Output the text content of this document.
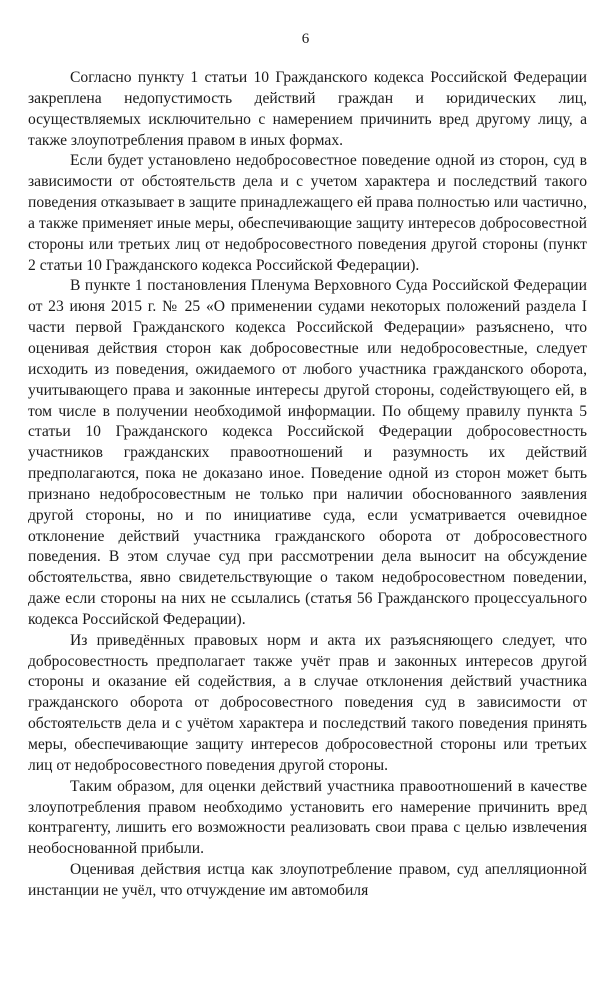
6

Согласно пункту 1 статьи 10 Гражданского кодекса Российской Федерации закреплена недопустимость действий граждан и юридических лиц, осуществляемых исключительно с намерением причинить вред другому лицу, а также злоупотребления правом в иных формах.

Если будет установлено недобросовестное поведение одной из сторон, суд в зависимости от обстоятельств дела и с учетом характера и последствий такого поведения отказывает в защите принадлежащего ей права полностью или частично, а также применяет иные меры, обеспечивающие защиту интересов добросовестной стороны или третьих лиц от недобросовестного поведения другой стороны (пункт 2 статьи 10 Гражданского кодекса Российской Федерации).

В пункте 1 постановления Пленума Верховного Суда Российской Федерации от 23 июня 2015 г. № 25 «О применении судами некоторых положений раздела I части первой Гражданского кодекса Российской Федерации» разъяснено, что оценивая действия сторон как добросовестные или недобросовестные, следует исходить из поведения, ожидаемого от любого участника гражданского оборота, учитывающего права и законные интересы другой стороны, содействующего ей, в том числе в получении необходимой информации. По общему правилу пункта 5 статьи 10 Гражданского кодекса Российской Федерации добросовестность участников гражданских правоотношений и разумность их действий предполагаются, пока не доказано иное. Поведение одной из сторон может быть признано недобросовестным не только при наличии обоснованного заявления другой стороны, но и по инициативе суда, если усматривается очевидное отклонение действий участника гражданского оборота от добросовестного поведения. В этом случае суд при рассмотрении дела выносит на обсуждение обстоятельства, явно свидетельствующие о таком недобросовестном поведении, даже если стороны на них не ссылались (статья 56 Гражданского процессуального кодекса Российской Федерации).

Из приведённых правовых норм и акта их разъясняющего следует, что добросовестность предполагает также учёт прав и законных интересов другой стороны и оказание ей содействия, а в случае отклонения действий участника гражданского оборота от добросовестного поведения суд в зависимости от обстоятельств дела и с учётом характера и последствий такого поведения принять меры, обеспечивающие защиту интересов добросовестной стороны или третьих лиц от недобросовестного поведения другой стороны.

Таким образом, для оценки действий участника правоотношений в качестве злоупотребления правом необходимо установить его намерение причинить вред контрагенту, лишить его возможности реализовать свои права с целью извлечения необоснованной прибыли.

Оценивая действия истца как злоупотребление правом, суд апелляционной инстанции не учёл, что отчуждение им автомобиля
